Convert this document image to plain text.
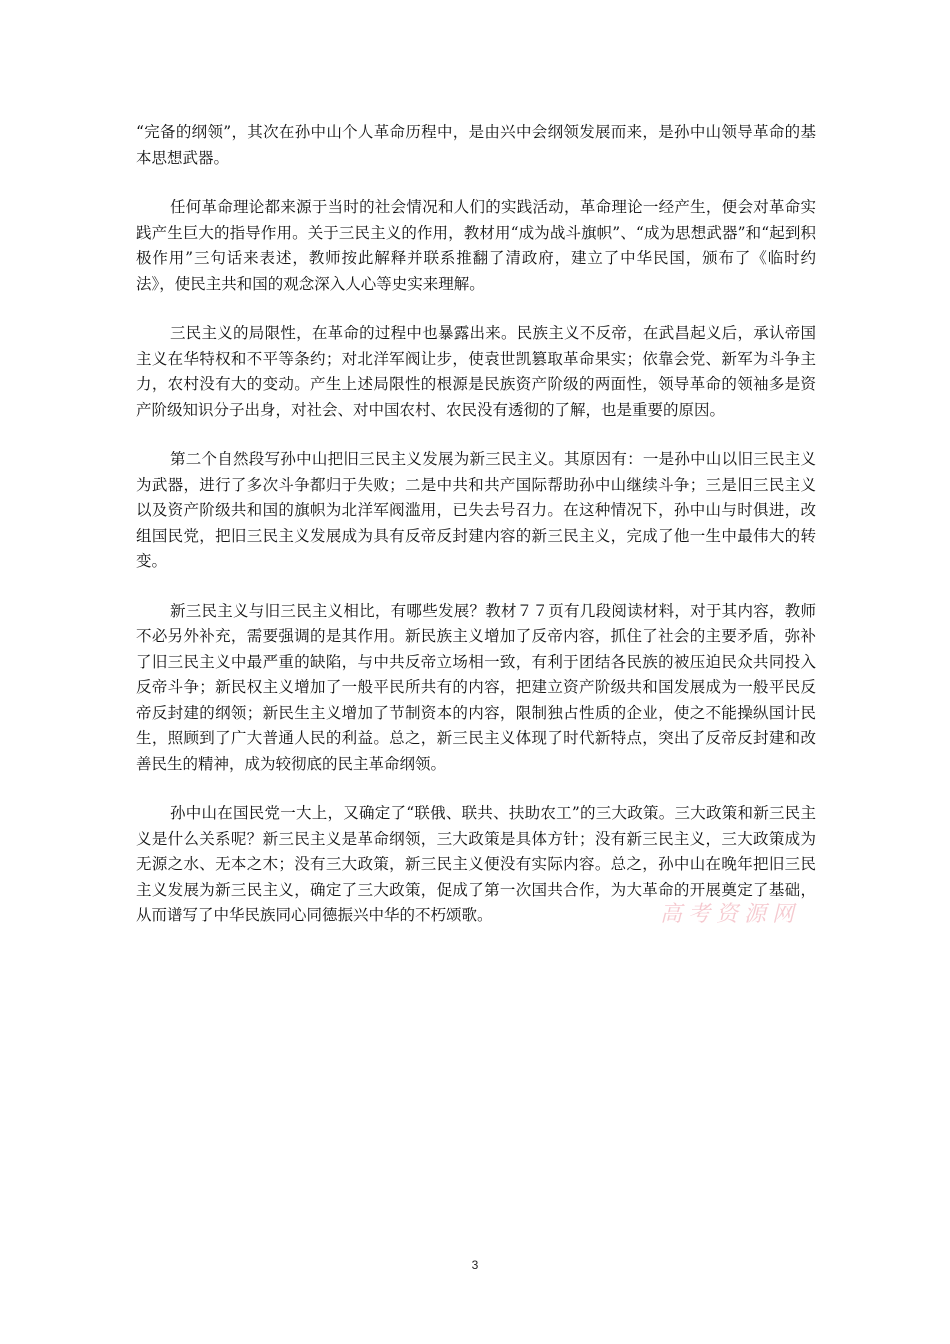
“完备的纲领”，其次在孙中山个人革命历程中，是由兴中会纲领发展而来，是孙中山领导革命的基本思想武器。

任何革命理论都来源于当时的社会情况和人们的实践活动，革命理论一经产生，便会对革命实践产生巨大的指导作用。关于三民主义的作用，教材用“成为战斗旗帜”、“成为思想武器”和“起到积极作用”三句话来表述，教师按此解释并联系推翻了清政府，建立了中华民国，颁布了《临时约法》，使民主共和国的观念深入人心等史实来理解。

三民主义的局限性，在革命的过程中也暴露出来。民族主义不反帝，在武昌起义后，承认帝国主义在华特权和不平等条约；对北洋军阀让步，使袁世凯篡取革命果实；依靠会党、新军为斗争主力，农村没有大的变动。产生上述局限性的根源是民族资产阶级的两面性，领导革命的领袖多是资产阶级知识分子出身，对社会、对中国农村、农民没有透彻的了解，也是重要的原因。

第二个自然段写孙中山把旧三民主义发展为新三民主义。其原因有：一是孙中山以旧三民主义为武器，进行了多次斗争都归于失败；二是中共和共产国际帮助孙中山继续斗争；三是旧三民主义以及资产阶级共和国的旗帜为北洋军阀滥用，已失去号召力。在这种情况下，孙中山与时俱进，改组国民党，把旧三民主义发展成为具有反帝反封建内容的新三民主义，完成了他一生中最伟大的转变。

新三民主义与旧三民主义相比，有哪些发展？教材７７页有几段阅读材料，对于其内容，教师不必另外补充，需要强调的是其作用。新民族主义增加了反帝内容，抓住了社会的主要矛盾，弥补了旧三民主义中最严重的缺陷，与中共反帝立场相一致，有利于团结各民族的被压迫民众共同投入反帝斗争；新民权主义增加了一般平民所共有的内容，把建立资产阶级共和国发展成为一般平民反帝反封建的纲领；新民生主义增加了节制资本的内容，限制独占性质的企业，使之不能操纵国计民生，照顾到了广大普通人民的利益。总之，新三民主义体现了时代新特点，突出了反帝反封建和改善民生的精神，成为较彻底的民主革命纲领。

孙中山在国民党一大上，又确定了“联俄、联共、扶助农工”的三大政策。三大政策和新三民主义是什么关系呢？新三民主义是革命纲领，三大政策是具体方针；没有新三民主义，三大政策成为无源之水、无本之木；没有三大政策，新三民主义便没有实际内容。总之，孙中山在晚年把旧三民主义发展为新三民主义，确定了三大政策，促成了第一次国共合作，为大革命的开展奠定了基础，从而谱写了中华民族同心同德振兴中华的不朽颂歌。	高考资源网
3
